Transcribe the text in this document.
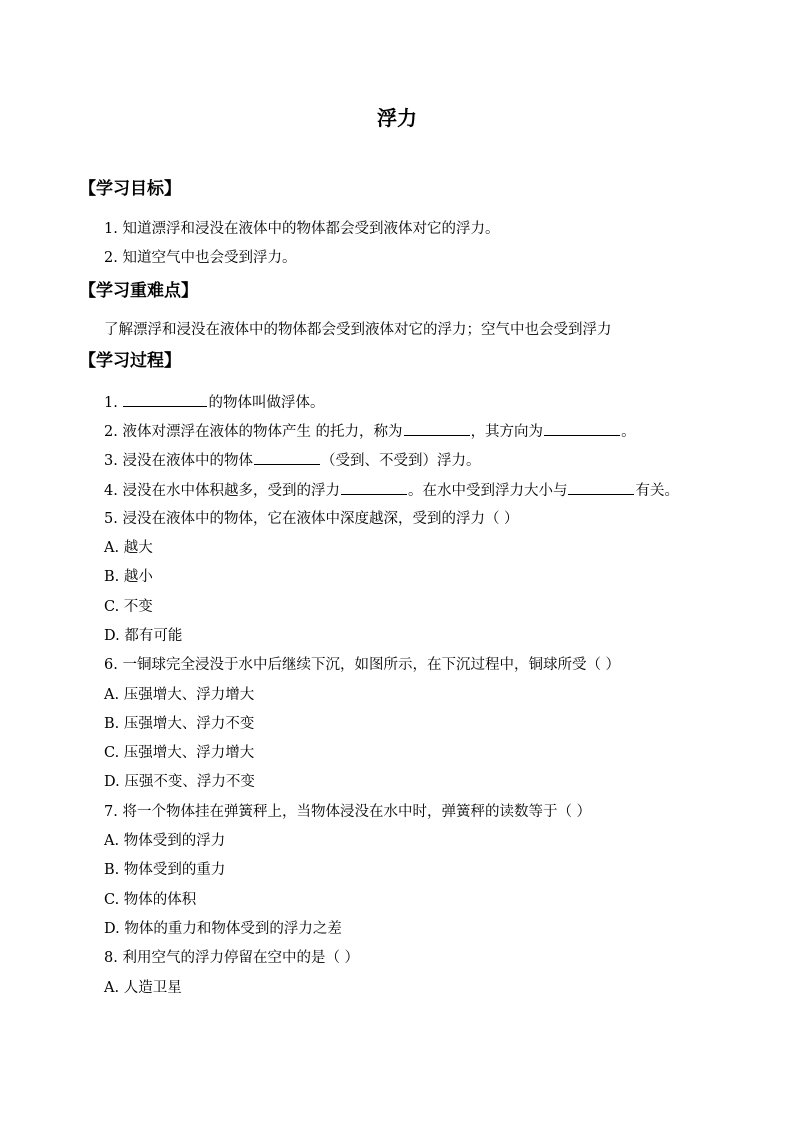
浮力
【学习目标】
1. 知道漂浮和浸没在液体中的物体都会受到液体对它的浮力。
2. 知道空气中也会受到浮力。
【学习重难点】
了解漂浮和浸没在液体中的物体都会受到液体对它的浮力；空气中也会受到浮力
【学习过程】
1.	的物体叫做浮体。
2. 液体对漂浮在液体的物体产生 的托力，称为	，其方向为	。
3. 浸没在液体中的物体	（受到、不受到）浮力。
4. 浸没在水中体积越多，受到的浮力	。在水中受到浮力大小与	有关。
5. 浸没在液体中的物体，它在液体中深度越深，受到的浮力（ ）
A. 越大
B. 越小
C. 不变
D. 都有可能
6. 一铜球完全浸没于水中后继续下沉，如图所示，在下沉过程中，铜球所受（ ）
A. 压强增大、浮力增大
B. 压强增大、浮力不变
C. 压强增大、浮力增大
D. 压强不变、浮力不变
7. 将一个物体挂在弹簧秤上，当物体浸没在水中时，弹簧秤的读数等于（ ）
A. 物体受到的浮力
B. 物体受到的重力
C. 物体的体积
D. 物体的重力和物体受到的浮力之差
8. 利用空气的浮力停留在空中的是（ ）
A. 人造卫星
